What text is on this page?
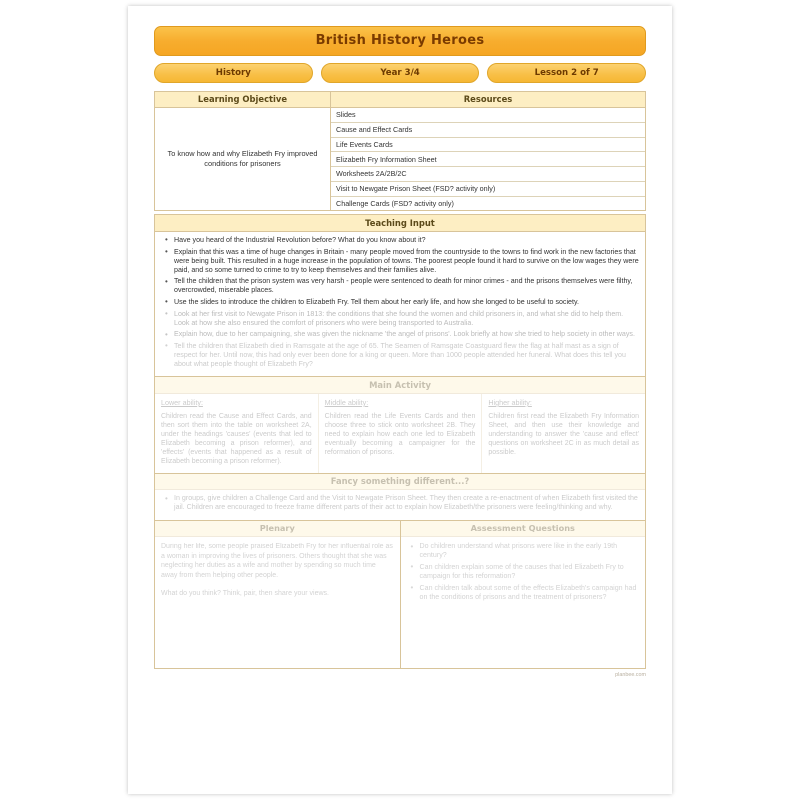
British History Heroes
History	Year 3/4	Lesson 2 of 7
Learning Objective
To know how and why Elizabeth Fry improved conditions for prisoners
Resources
Slides
Cause and Effect Cards
Life Events Cards
Elizabeth Fry Information Sheet
Worksheets 2A/2B/2C
Visit to Newgate Prison Sheet (FSD? activity only)
Challenge Cards (FSD? activity only)
Teaching Input
• Have you heard of the Industrial Revolution before? What do you know about it?
• Explain that this was a time of huge changes in Britain - many people moved from the countryside to the towns to find work in the new factories that were being built. This resulted in a huge increase in the population of towns. The poorest people found it hard to survive on the low wages they were paid, and so some turned to crime to try to keep themselves and their families alive.
• Tell the children that the prison system was very harsh - people were sentenced to death for minor crimes - and the prisons themselves were filthy, overcrowded, miserable places.
• Use the slides to introduce the children to Elizabeth Fry. Tell them about her early life, and how she longed to be useful to society.
• Look at her first visit to Newgate Prison in 1813: the conditions that she found the women and child prisoners in, and what she did to help them. Look at how she also ensured the comfort of prisoners who were being transported to Australia.
• Explain how, due to her campaigning, she was given the nickname 'the angel of prisons'. Look briefly at how she tried to help society in other ways.
• Tell the children that Elizabeth died in Ramsgate at the age of 65. The Seamen of Ramsgate Coastguard flew the flag at half mast as a sign of respect for her. Until now, this had only ever been done for a king or queen. More than 1000 people attended her funeral. What does this tell you about what people thought of Elizabeth Fry?
Main Activity
Lower ability:
Children read the Cause and Effect Cards, and then sort them into the table on worksheet 2A, under the headings 'causes' (events that led to Elizabeth becoming a prison reformer), and 'effects' (events that happened as a result of Elizabeth becoming a prison reformer).
Middle ability:
Children read the Life Events Cards and then choose three to stick onto worksheet 2B. They need to explain how each one led to Elizabeth eventually becoming a campaigner for the reformation of prisons.
Higher ability:
Children first read the Elizabeth Fry Information Sheet, and then use their knowledge and understanding to answer the 'cause and effect' questions on worksheet 2C in as much detail as possible.
Fancy something different...?
• In groups, give children a Challenge Card and the Visit to Newgate Prison Sheet. They then create a re-enactment of when Elizabeth first visited the jail. Children are encouraged to freeze frame different parts of their act to explain how Elizabeth/the prisoners were feeling/thinking and why.
Plenary

During her life, some people praised Elizabeth Fry for her influential role as a woman in improving the lives of prisoners. Others thought that she was neglecting her duties as a wife and mother by spending so much time away from them helping other people.

What do you think? Think, pair, then share your views.

Assessment Questions
• Do children understand what prisons were like in the early 19th century?
• Can children explain some of the causes that led Elizabeth Fry to campaign for this reformation?
• Can children talk about some of the effects Elizabeth's campaign had on the conditions of prisons and the treatment of prisoners?
planbee.com
